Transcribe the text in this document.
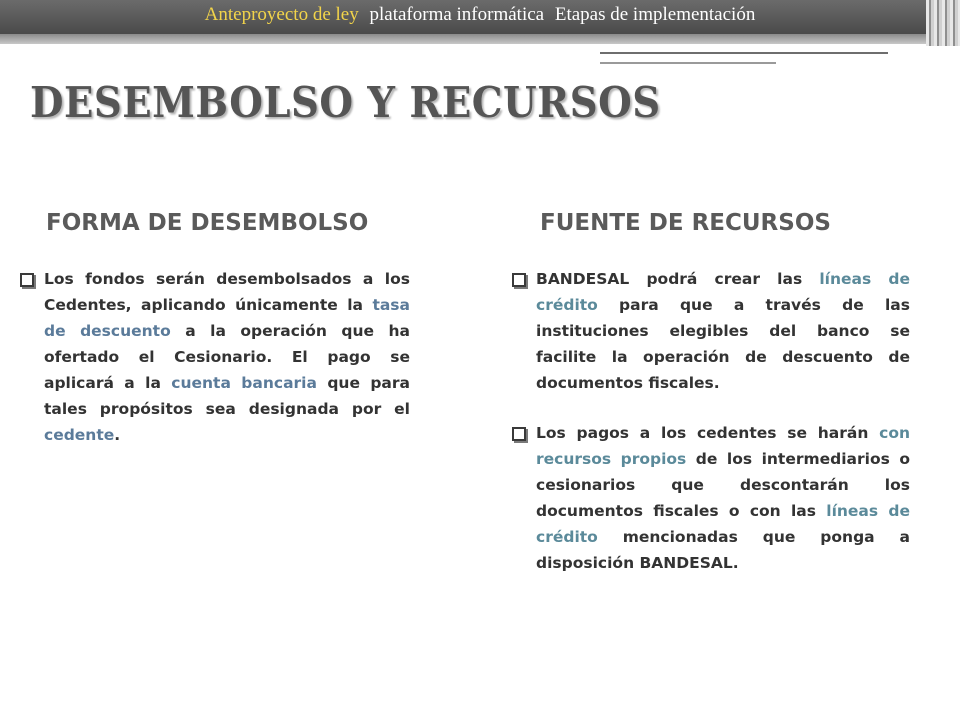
Anteproyecto de ley plataforma informática Etapas de implementación
DESEMBOLSO Y RECURSOS
FORMA DE DESEMBOLSO	FUENTE DE RECURSOS

Los fondos serán desembolsados a los Cedentes, aplicando únicamente la tasa de descuento a la operación que ha ofertado el Cesionario. El pago se aplicará a la cuenta bancaria que para tales propósitos sea designada por el cedente.

BANDESAL podrá crear las líneas de crédito para que a través de las instituciones elegibles del banco se facilite la operación de descuento de documentos fiscales.

Los pagos a los cedentes se harán con recursos propios de los intermediarios o cesionarios que descontarán los documentos fiscales o con las líneas de crédito mencionadas que ponga a disposición BANDESAL.
